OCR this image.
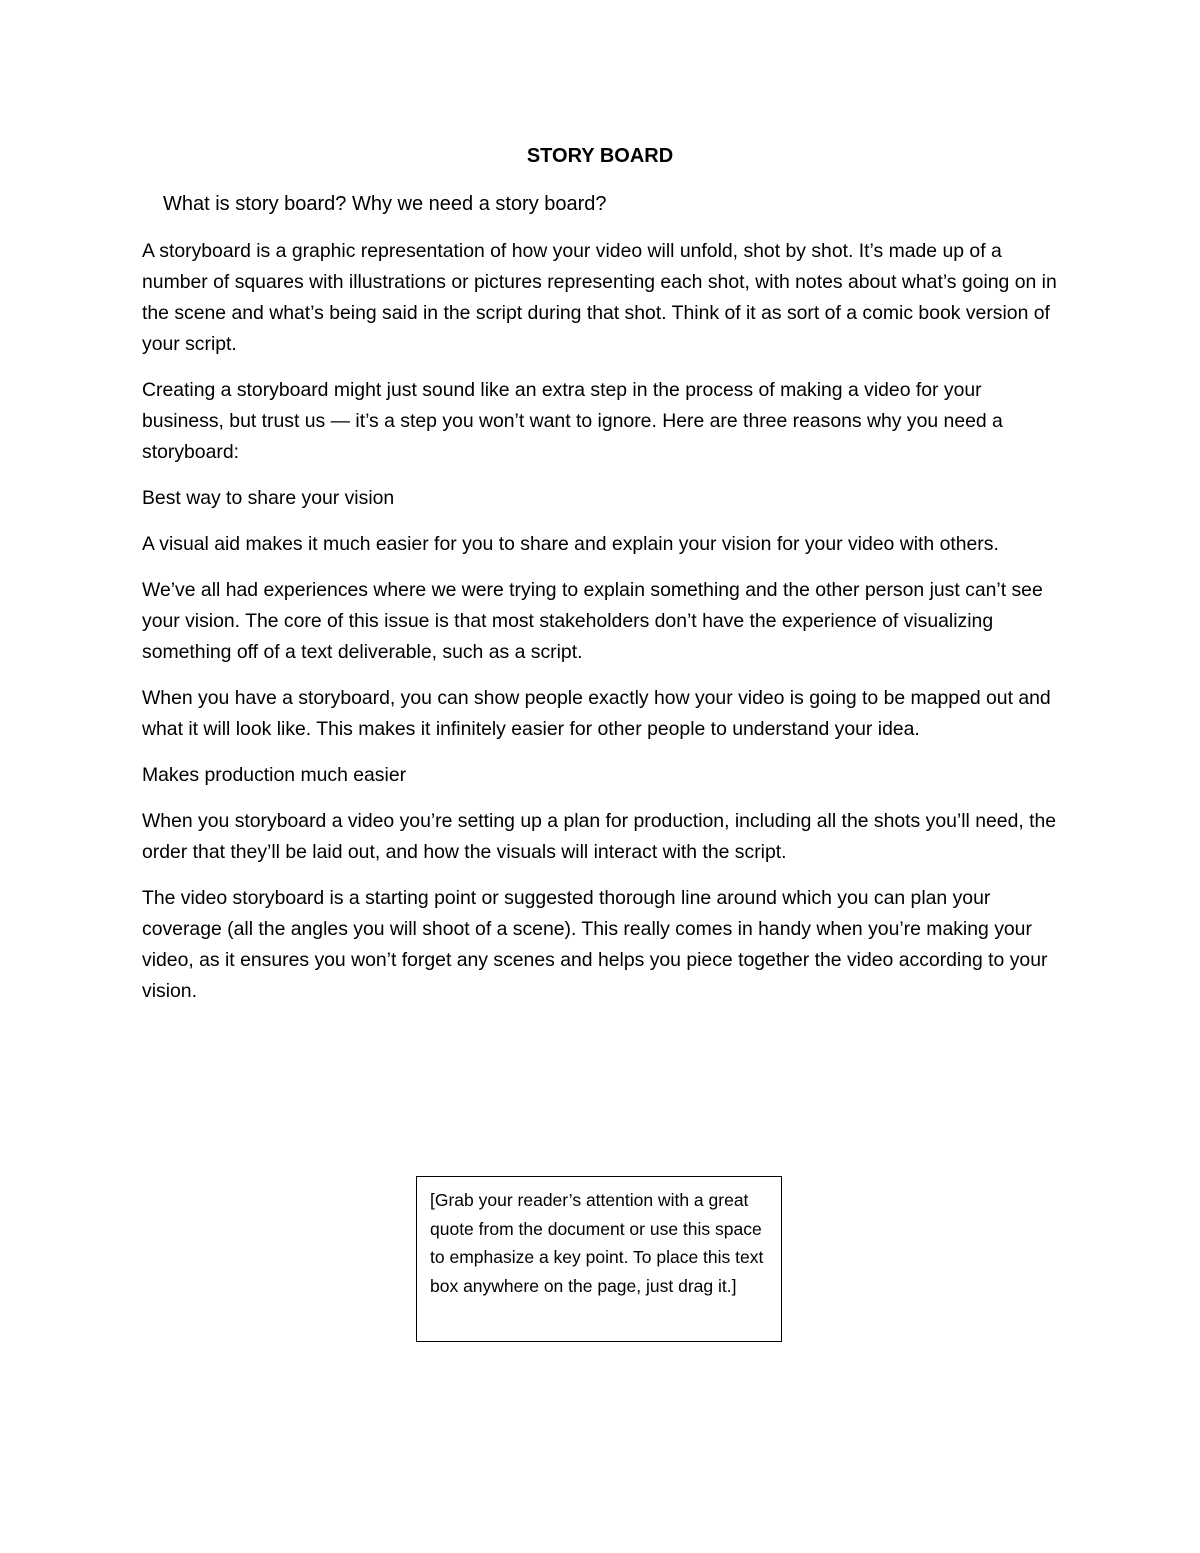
STORY BOARD
What is story board? Why we need a story board?

A storyboard is a graphic representation of how your video will unfold, shot by shot. It’s made up of a number of squares with illustrations or pictures representing each shot, with notes about what’s going on in the scene and what’s being said in the script during that shot. Think of it as sort of a comic book version of your script.

Creating a storyboard might just sound like an extra step in the process of making a video for your business, but trust us — it’s a step you won’t want to ignore. Here are three reasons why you need a storyboard:

Best way to share your vision

A visual aid makes it much easier for you to share and explain your vision for your video with others.

We’ve all had experiences where we were trying to explain something and the other person just can’t see your vision. The core of this issue is that most stakeholders don’t have the experience of visualizing something off of a text deliverable, such as a script.

When you have a storyboard, you can show people exactly how your video is going to be mapped out and what it will look like. This makes it infinitely easier for other people to understand your idea.

Makes production much easier

When you storyboard a video you’re setting up a plan for production, including all the shots you’ll need, the order that they’ll be laid out, and how the visuals will interact with the script.

The video storyboard is a starting point or suggested thorough line around which you can plan your coverage (all the angles you will shoot of a scene). This really comes in handy when you’re making your video, as it ensures you won’t forget any scenes and helps you piece together the video according to your vision.

[Grab your reader’s attention with a great quote from the document or use this space to emphasize a key point. To place this text box anywhere on the page, just drag it.]
